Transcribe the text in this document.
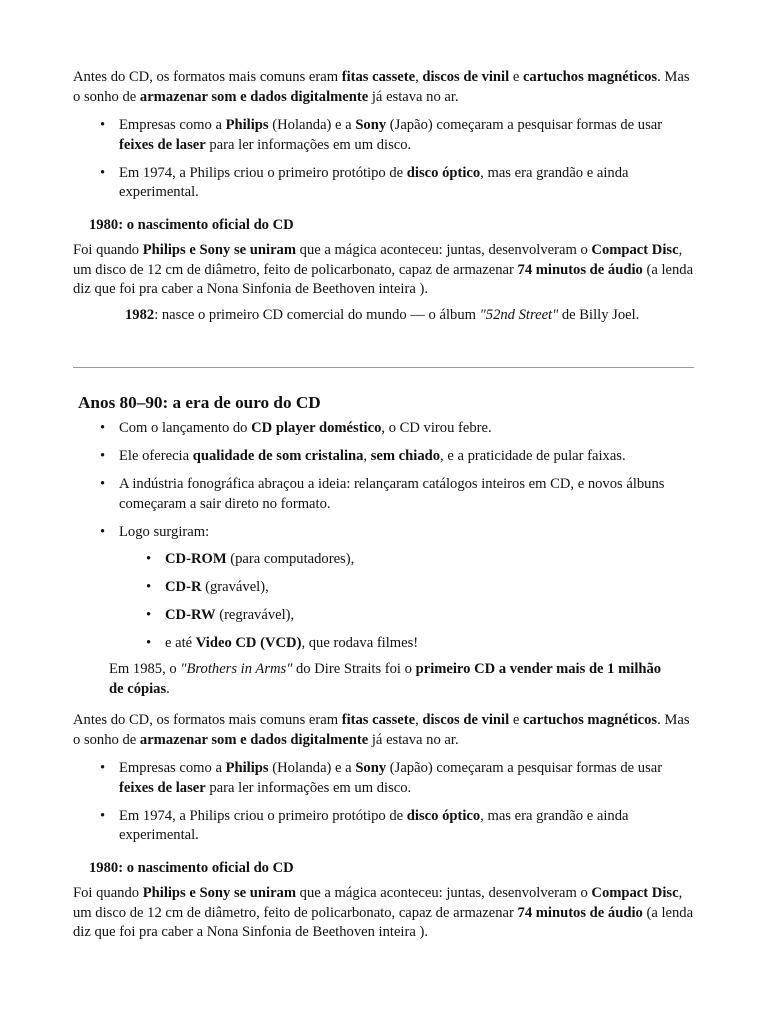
Antes do CD, os formatos mais comuns eram fitas cassete, discos de vinil e cartuchos magnéticos. Mas o sonho de armazenar som e dados digitalmente já estava no ar.

• Empresas como a Philips (Holanda) e a Sony (Japão) começaram a pesquisar formas de usar feixes de laser para ler informações em um disco.
• Em 1974, a Philips criou o primeiro protótipo de disco óptico, mas era grandão e ainda experimental.
1980: o nascimento oficial do CD

Foi quando Philips e Sony se uniram que a mágica aconteceu: juntas, desenvolveram o Compact Disc, um disco de 12 cm de diâmetro, feito de policarbonato, capaz de armazenar 74 minutos de áudio (a lenda diz que foi pra caber a Nona Sinfonia de Beethoven inteira ).

1982: nasce o primeiro CD comercial do mundo — o álbum "52nd Street" de Billy Joel.

Anos 80–90: a era de ouro do CD
• Com o lançamento do CD player doméstico, o CD virou febre.
• Ele oferecia qualidade de som cristalina, sem chiado, e a praticidade de pular faixas.
• A indústria fonográfica abraçou a ideia: relançaram catálogos inteiros em CD, e novos álbuns começaram a sair direto no formato.
• Logo surgiram:
• CD-ROM (para computadores),
• CD-R (gravável),
• CD-RW (regravável),
• e até Video CD (VCD), que rodava filmes!

Em 1985, o "Brothers in Arms" do Dire Straits foi o primeiro CD a vender mais de 1 milhão de cópias.

Antes do CD, os formatos mais comuns eram fitas cassete, discos de vinil e cartuchos magnéticos. Mas o sonho de armazenar som e dados digitalmente já estava no ar.

• Empresas como a Philips (Holanda) e a Sony (Japão) começaram a pesquisar formas de usar feixes de laser para ler informações em um disco.
• Em 1974, a Philips criou o primeiro protótipo de disco óptico, mas era grandão e ainda experimental.
1980: o nascimento oficial do CD

Foi quando Philips e Sony se uniram que a mágica aconteceu: juntas, desenvolveram o Compact Disc, um disco de 12 cm de diâmetro, feito de policarbonato, capaz de armazenar 74 minutos de áudio (a lenda diz que foi pra caber a Nona Sinfonia de Beethoven inteira ).
